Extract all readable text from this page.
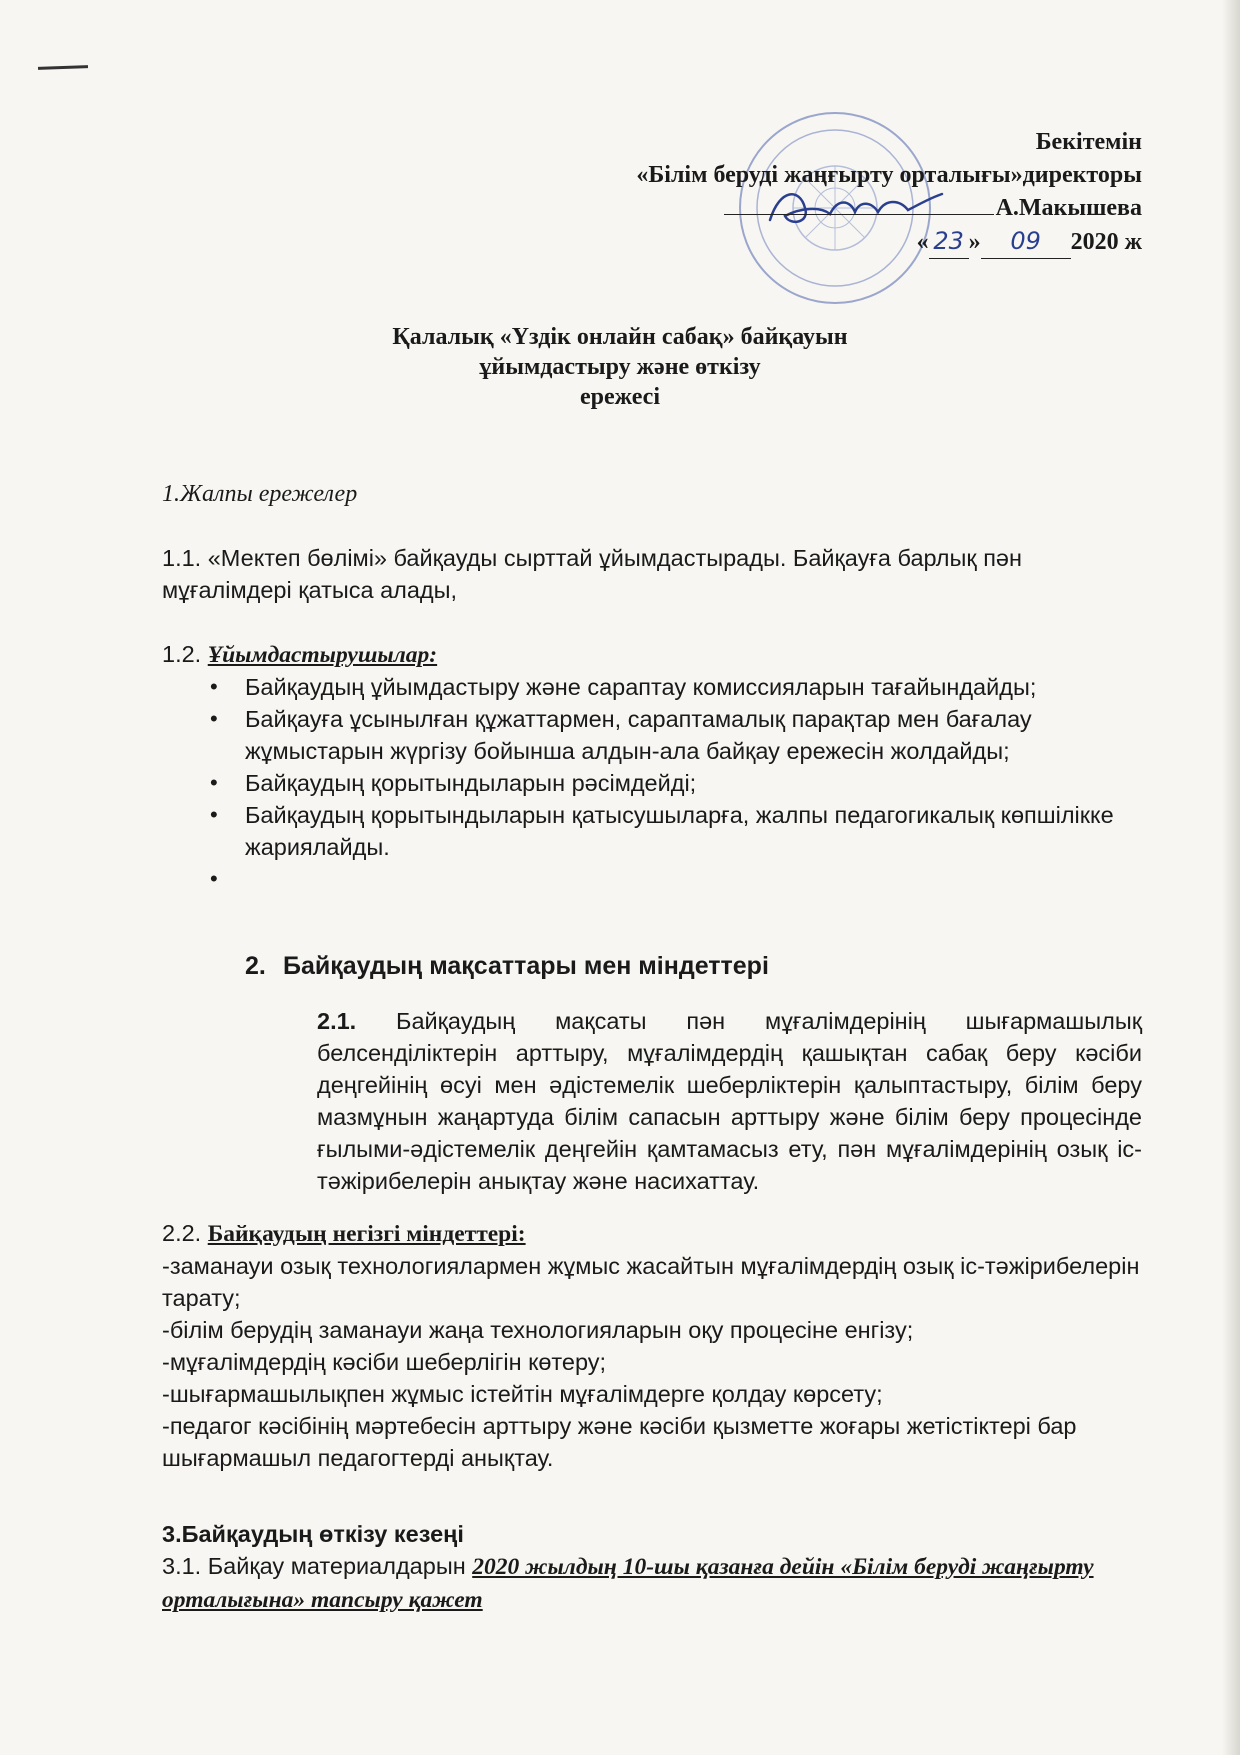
Бекітемін
«Білім беруді жаңғырту орталығы»директоры
А.Макышева
« 23 » 09 2020 ж
Қалалық «Үздік онлайн сабақ» байқауын
ұйымдастыру және өткізу
ережесі
1.Жалпы ережелер

1.1. «Мектеп бөлімі» байқауды сырттай ұйымдастырады. Байқауға барлық пән мұғалімдері қатыса алады,

1.2. Ұйымдастырушылар:

• Байқаудың ұйымдастыру және сараптау комиссияларын тағайындайды;
• Байқауға ұсынылған құжаттармен, сараптамалық парақтар мен бағалау жұмыстарын жүргізу бойынша алдын-ала байқау ережесін жолдайды;
• Байқаудың қорытындыларын рәсімдейді;
• Байқаудың қорытындыларын қатысушыларға, жалпы педагогикалық көпшілікке жариялайды.
•
2. Байқаудың мақсаттары мен міндеттері
2.1. Байқаудың мақсаты пән мұғалімдерінің шығармашылық белсенділіктерін арттыру, мұғалімдердің қашықтан сабақ беру кәсіби деңгейінің өсуі мен әдістемелік шеберліктерін қалыптастыру, білім беру мазмұнын жаңартуда білім сапасын арттыру және білім беру процесінде ғылыми-әдістемелік деңгейін қамтамасыз ету, пән мұғалімдерінің озық іс-тәжірибелерін анықтау және насихаттау.
2.2. Байқаудың негізгі міндеттері:
-заманауи озық технологиялармен жұмыс жасайтын мұғалімдердің озық іс-тәжірибелерін тарату;
-білім берудің заманауи жаңа технологияларын оқу процесіне енгізу;
-мұғалімдердің кәсіби шеберлігін көтеру;
-шығармашылықпен жұмыс істейтін мұғалімдерге қолдау көрсету;
-педагог кәсібінің мәртебесін арттыру және кәсіби қызметте жоғары жетістіктері бар шығармашыл педагогтерді анықтау.
3.Байқаудың өткізу кезеңі
3.1. Байқау материалдарын 2020 жылдың 10-шы қазанға дейін «Білім беруді жаңғырту орталығына» тапсыру қажет
